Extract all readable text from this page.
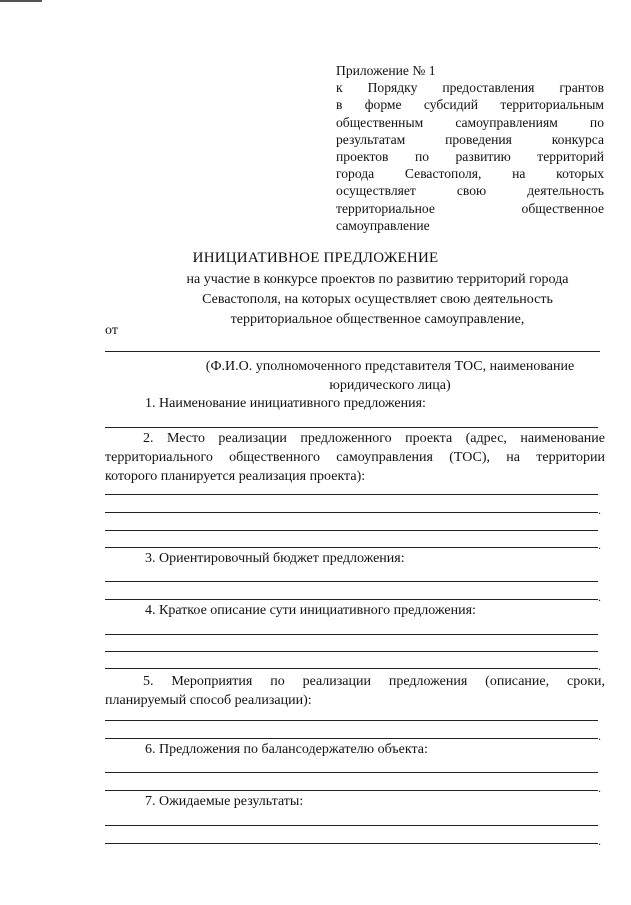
Приложение № 1
к Порядку предоставления грантов
в форме субсидий территориальным
общественным самоуправлениям по
результатам проведения конкурса
проектов по развитию территорий
города Севастополя, на которых
осуществляет свою деятельность
территориальное общественное
самоуправление
ИНИЦИАТИВНОЕ ПРЕДЛОЖЕНИЕ
на участие в конкурсе проектов по развитию территорий города
Севастополя, на которых осуществляет свою деятельность
территориальное общественное самоуправление,
от
(Ф.И.О. уполномоченного представителя ТОС, наименование
юридического лица)
1. Наименование инициативного предложения:
2. Место реализации предложенного проекта (адрес, наименование
территориального общественного самоуправления (ТОС), на территории
которого планируется реализация проекта):
.
.
3. Ориентировочный бюджет предложения:
.
4. Краткое описание сути инициативного предложения:
.
5. Мероприятия по реализации предложения (описание, сроки,
планируемый способ реализации):
.
6. Предложения по балансодержателю объекта:
.
7. Ожидаемые результаты:
.
